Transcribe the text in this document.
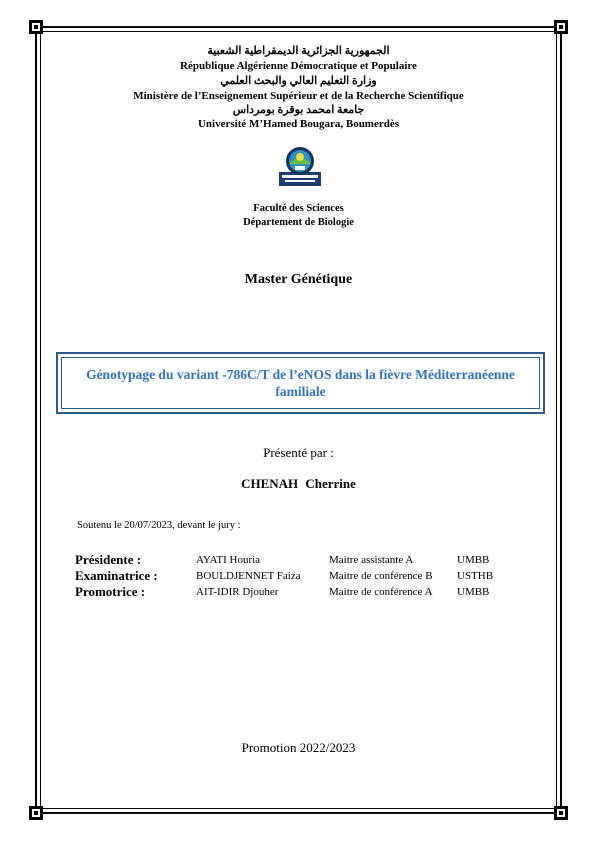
الجمهورية الجزائرية الديمقراطية الشعبية
République Algérienne Démocratique et Populaire
وزارة التعليم العالي والبحث العلمي
Ministère de l’Enseignement Supérieur et de la Recherche Scientifique
جامعة امحمد بوقرة بومرداس
Université M’Hamed Bougara, Boumerdès
Faculté des Sciences
Département de Biologie
Master Génétique
Génotypage du variant -786C/T de l’eNOS dans la fièvre Méditerranéenne familiale
Présenté par :
CHENAH Cherrine
Soutenu le 20/07/2023, devant le jury :
Présidente :	AYATI Houria	Maitre assistante A	UMBB
Examinatrice :	BOULDJENNET Faiza	Maitre de conférence B USTHB
Promotrice :	AIT-IDIR Djouher	Maitre de conférence A UMBB
Promotion 2022/2023
